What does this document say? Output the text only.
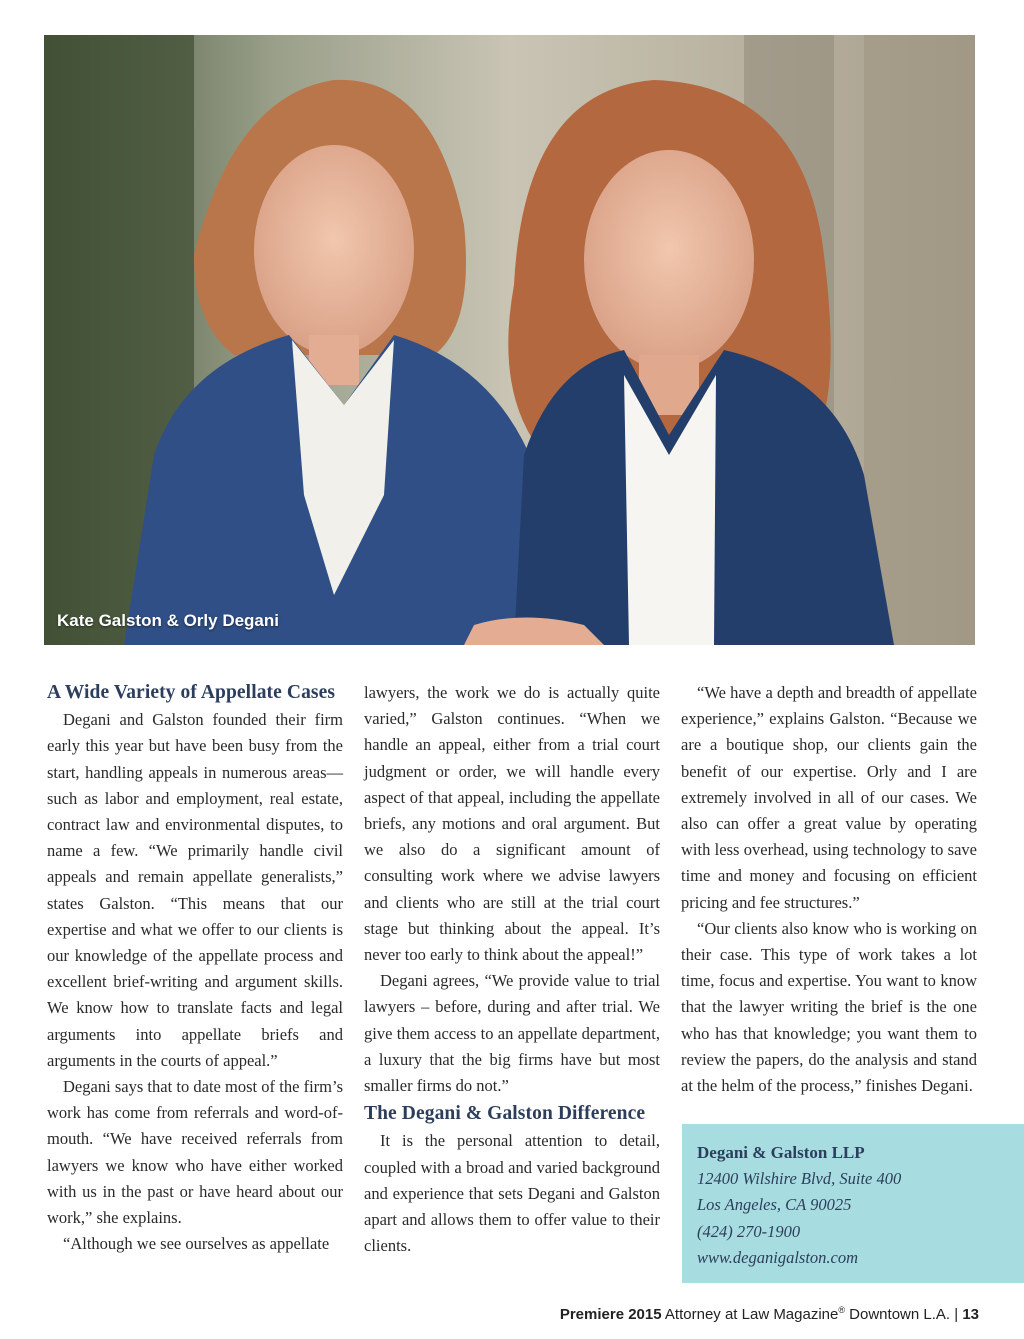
Kate Galston & Orly Degani
A Wide Variety of Appellate Cases

Degani and Galston founded their firm early this year but have been busy from the start, handling appeals in numerous areas—such as labor and employment, real estate, contract law and environmental disputes, to name a few. “We primarily handle civil appeals and remain appellate generalists,” states Galston. “This means that our expertise and what we offer to our clients is our knowledge of the appellate process and excellent brief-writing and argument skills. We know how to translate facts and legal arguments into appellate briefs and arguments in the courts of appeal.”

Degani says that to date most of the firm’s work has come from referrals and word-of-mouth. “We have received referrals from lawyers we know who have either worked with us in the past or have heard about our work,” she explains.

“Although we see ourselves as appellate

lawyers, the work we do is actually quite varied,” Galston continues. “When we handle an appeal, either from a trial court judgment or order, we will handle every aspect of that appeal, including the appellate briefs, any motions and oral argument. But we also do a significant amount of consulting work where we advise lawyers and clients who are still at the trial court stage but thinking about the appeal. It’s never too early to think about the appeal!”

Degani agrees, “We provide value to trial lawyers – before, during and after trial. We give them access to an appellate department, a luxury that the big firms have but most smaller firms do not.”

The Degani & Galston Difference

It is the personal attention to detail, coupled with a broad and varied background and experience that sets Degani and Galston apart and allows them to offer value to their clients.

“We have a depth and breadth of appellate experience,” explains Galston. “Because we are a boutique shop, our clients gain the benefit of our expertise. Orly and I are extremely involved in all of our cases. We also can offer a great value by operating with less overhead, using technology to save time and money and focusing on efficient pricing and fee structures.”

“Our clients also know who is working on their case. This type of work takes a lot time, focus and expertise. You want to know that the lawyer writing the brief is the one who has that knowledge; you want them to review the papers, do the analysis and stand at the helm of the process,” finishes Degani.

Degani & Galston LLP
12400 Wilshire Blvd, Suite 400
Los Angeles, CA 90025
(424) 270-1900
www.deganigalston.com
Premiere 2015 Attorney at Law Magazine® Downtown L.A. | 13
